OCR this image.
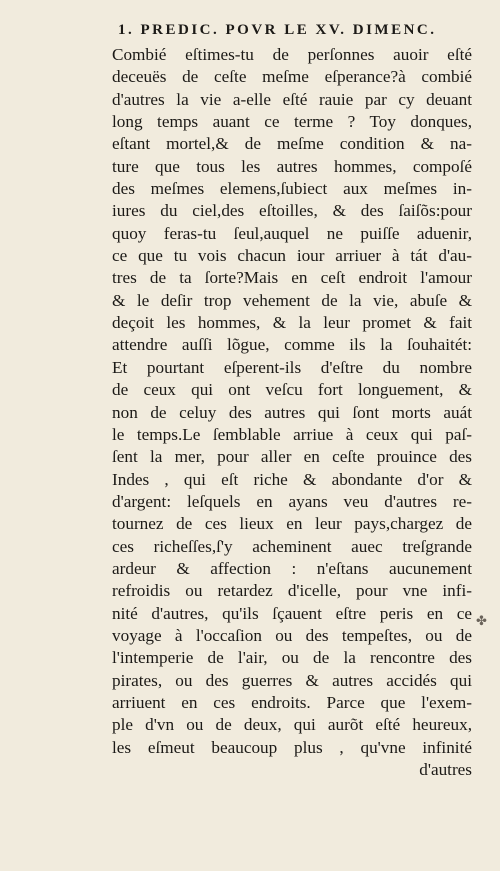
1. PREDIC. POVR LE XV. DIMENC.
Combié eſtimes-tu de perſonnes auoir eſté
deceuës de ceſte meſme eſperance?à combié
d'autres la vie a-elle eſté rauie par cy deuant
long temps auant ce terme ? Toy donques,
eſtant mortel,& de meſme condition & na-
ture que tous les autres hommes, compoſé
des meſmes elemens,ſubiect aux meſmes in-
iures du ciel,des eſtoilles, & des ſaiſõs:pour
quoy feras-tu ſeul,auquel ne puiſſe aduenir,
ce que tu vois chacun iour arriuer à tát d'au-
tres de ta ſorte?Mais en ceſt endroit l'amour
& le deſir trop vehement de la vie, abuſe &
deçoit les hommes, & la leur promet & fait
attendre auſſi lõgue, comme ils la ſouhaitét:
Et pourtant eſperent-ils d'eſtre du nombre
de ceux qui ont veſcu fort longuement, &
non de celuy des autres qui ſont morts auát
le temps.Le ſemblable arriue à ceux qui paſ-
ſent la mer, pour aller en ceſte prouince des
Indes , qui eſt riche & abondante d'or &
d'argent: leſquels en ayans veu d'autres re-
tournez de ces lieux en leur pays,chargez de
ces richeſſes,ſ'y acheminent auec treſgrande
ardeur & affection : n'eſtans aucunement
refroidis ou retardez d'icelle, pour vne infi-
nité d'autres, qu'ils ſçauent eſtre peris en ce
voyage à l'occaſion ou des tempeſtes, ou de
l'intemperie de l'air, ou de la rencontre des
pirates, ou des guerres & autres accidés qui
arriuent en ces endroits. Parce que l'exem-
ple d'vn ou de deux, qui aurõt eſté heureux,
les eſmeut beaucoup plus , qu'vne infinité
d'autres
✤
